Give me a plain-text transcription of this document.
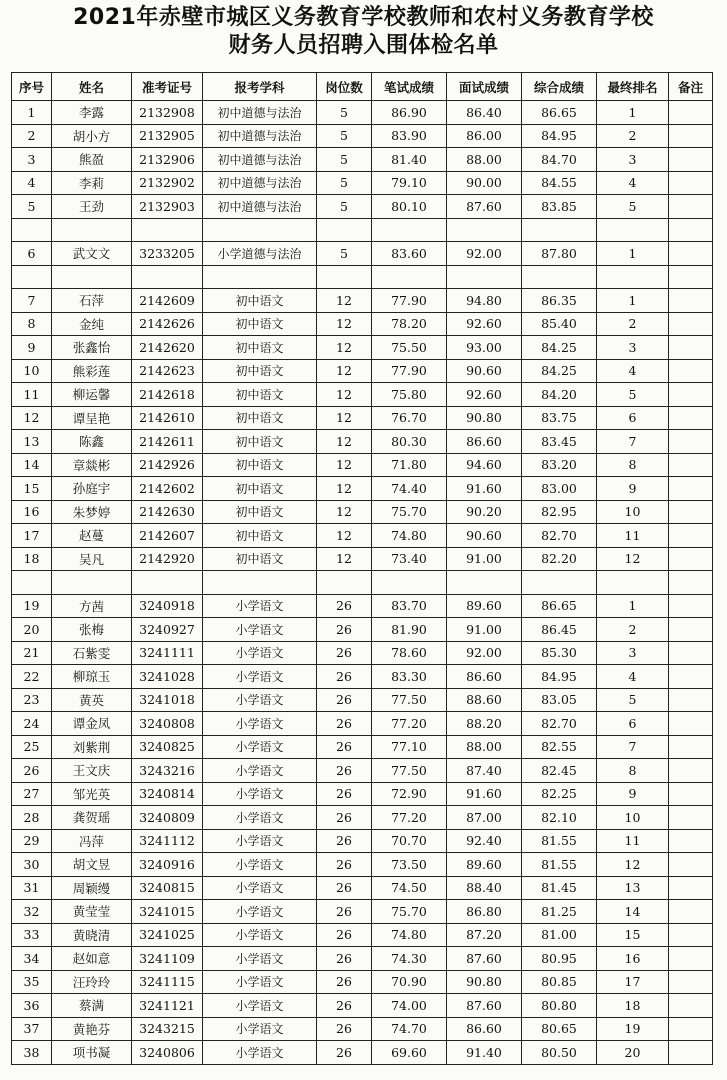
2021年赤壁市城区义务教育学校教师和农村义务教育学校
财务人员招聘入围体检名单
序号	姓名	准考证号	报考学科	岗位数	笔试成绩	面试成绩	综合成绩	最终排名	备注
1	李露	2132908	初中道德与法治	5	86.90	86.40	86.65	1	
2	胡小方	2132905	初中道德与法治	5	83.90	86.00	84.95	2	
3	熊盈	2132906	初中道德与法治	5	81.40	88.00	84.70	3	
4	李莉	2132902	初中道德与法治	5	79.10	90.00	84.55	4	
5	王劲	2132903	初中道德与法治	5	80.10	87.60	83.85	5	

6	武文文	3233205	小学道德与法治	5	83.60	92.00	87.80	1	

7	石萍	2142609	初中语文	12	77.90	94.80	86.35	1	
8	金纯	2142626	初中语文	12	78.20	92.60	85.40	2	
9	张鑫怡	2142620	初中语文	12	75.50	93.00	84.25	3	
10	熊彩莲	2142623	初中语文	12	77.90	90.60	84.25	4	
11	柳运馨	2142618	初中语文	12	75.80	92.60	84.20	5	
12	谭呈艳	2142610	初中语文	12	76.70	90.80	83.75	6	
13	陈鑫	2142611	初中语文	12	80.30	86.60	83.45	7	
14	章燚彬	2142926	初中语文	12	71.80	94.60	83.20	8	
15	孙庭宇	2142602	初中语文	12	74.40	91.60	83.00	9	
16	朱梦婷	2142630	初中语文	12	75.70	90.20	82.95	10	
17	赵蔓	2142607	初中语文	12	74.80	90.60	82.70	11	
18	吴凡	2142920	初中语文	12	73.40	91.00	82.20	12	

19	方茜	3240918	小学语文	26	83.70	89.60	86.65	1	
20	张梅	3240927	小学语文	26	81.90	91.00	86.45	2	
21	石紫雯	3241111	小学语文	26	78.60	92.00	85.30	3	
22	柳琼玉	3241028	小学语文	26	83.30	86.60	84.95	4	
23	黄英	3241018	小学语文	26	77.50	88.60	83.05	5	
24	谭金凤	3240808	小学语文	26	77.20	88.20	82.70	6	
25	刘紫荆	3240825	小学语文	26	77.10	88.00	82.55	7	
26	王文庆	3243216	小学语文	26	77.50	87.40	82.45	8	
27	邹光英	3240814	小学语文	26	72.90	91.60	82.25	9	
28	龚贺瑶	3240809	小学语文	26	77.20	87.00	82.10	10	
29	冯萍	3241112	小学语文	26	70.70	92.40	81.55	11	
30	胡文昱	3240916	小学语文	26	73.50	89.60	81.55	12	
31	周颖缦	3240815	小学语文	26	74.50	88.40	81.45	13	
32	黄莹莹	3241015	小学语文	26	75.70	86.80	81.25	14	
33	黄晓清	3241025	小学语文	26	74.80	87.20	81.00	15	
34	赵如意	3241109	小学语文	26	74.30	87.60	80.95	16	
35	汪玲玲	3241115	小学语文	26	70.90	90.80	80.85	17	
36	蔡满	3241121	小学语文	26	74.00	87.60	80.80	18	
37	黄艳芬	3243215	小学语文	26	74.70	86.60	80.65	19	
38	项书凝	3240806	小学语文	26	69.60	91.40	80.50	20	
